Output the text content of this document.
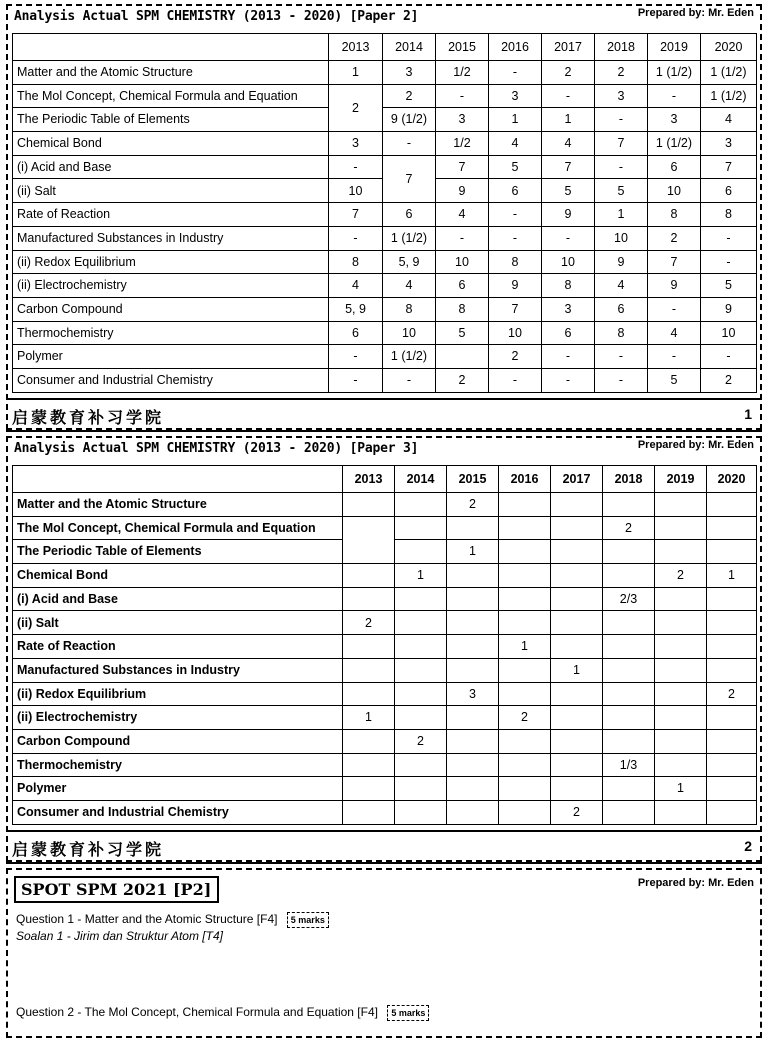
Analysis Actual SPM CHEMISTRY (2013 - 2020) [Paper 2]	Prepared by: Mr. Eden
	2013	2014	2015	2016	2017	2018	2019	2020
Matter and the Atomic Structure	1	3	1/2	-	2	2	1 (1/2)	1 (1/2)
The Mol Concept, Chemical Formula and Equation	2	2	-	3	-	3	-	1 (1/2)
The Periodic Table of Elements		9 (1/2)	3	1	1	-	3	4
Chemical Bond	3	-	1/2	4	4	7	1 (1/2)	3
(i) Acid and Base	-	7	7	5	7	-	6	7
(ii) Salt	10		9	6	5	5	10	6
Rate of Reaction	7	6	4	-	9	1	8	8
Manufactured Substances in Industry	-	1 (1/2)	-	-	-	10	2	-
(ii) Redox Equilibrium	8	5, 9	10	8	10	9	7	-
(ii) Electrochemistry	4	4	6	9	8	4	9	5
Carbon Compound	5, 9	8	8	7	3	6	-	9
Thermochemistry	6	10	5	10	6	8	4	10
Polymer	-	1 (1/2)		2	-	-	-	-
Consumer and Industrial Chemistry	-	-	2	-	-	-	5	2
启蒙教育补习学院	1
Analysis Actual SPM CHEMISTRY (2013 - 2020) [Paper 3]	Prepared by: Mr. Eden
	2013	2014	2015	2016	2017	2018	2019	2020
Matter and the Atomic Structure			2					
The Mol Concept, Chemical Formula and Equation						2		
The Periodic Table of Elements			1					
Chemical Bond		1					2	1
(i) Acid and Base						2/3		
(ii) Salt	2							
Rate of Reaction				1				
Manufactured Substances in Industry					1			
(ii) Redox Equilibrium			3					2
(ii) Electrochemistry	1			2				
Carbon Compound		2						
Thermochemistry						1/3		
Polymer							1	
Consumer and Industrial Chemistry					2			
启蒙教育补习学院	2
SPOT SPM 2021 [P2]	Prepared by: Mr. Eden
Question 1 - Matter and the Atomic Structure [F4] 5 marks
Soalan 1 - Jirim dan Struktur Atom [T4]
Question 2 - The Mol Concept, Chemical Formula and Equation [F4] 5 marks
